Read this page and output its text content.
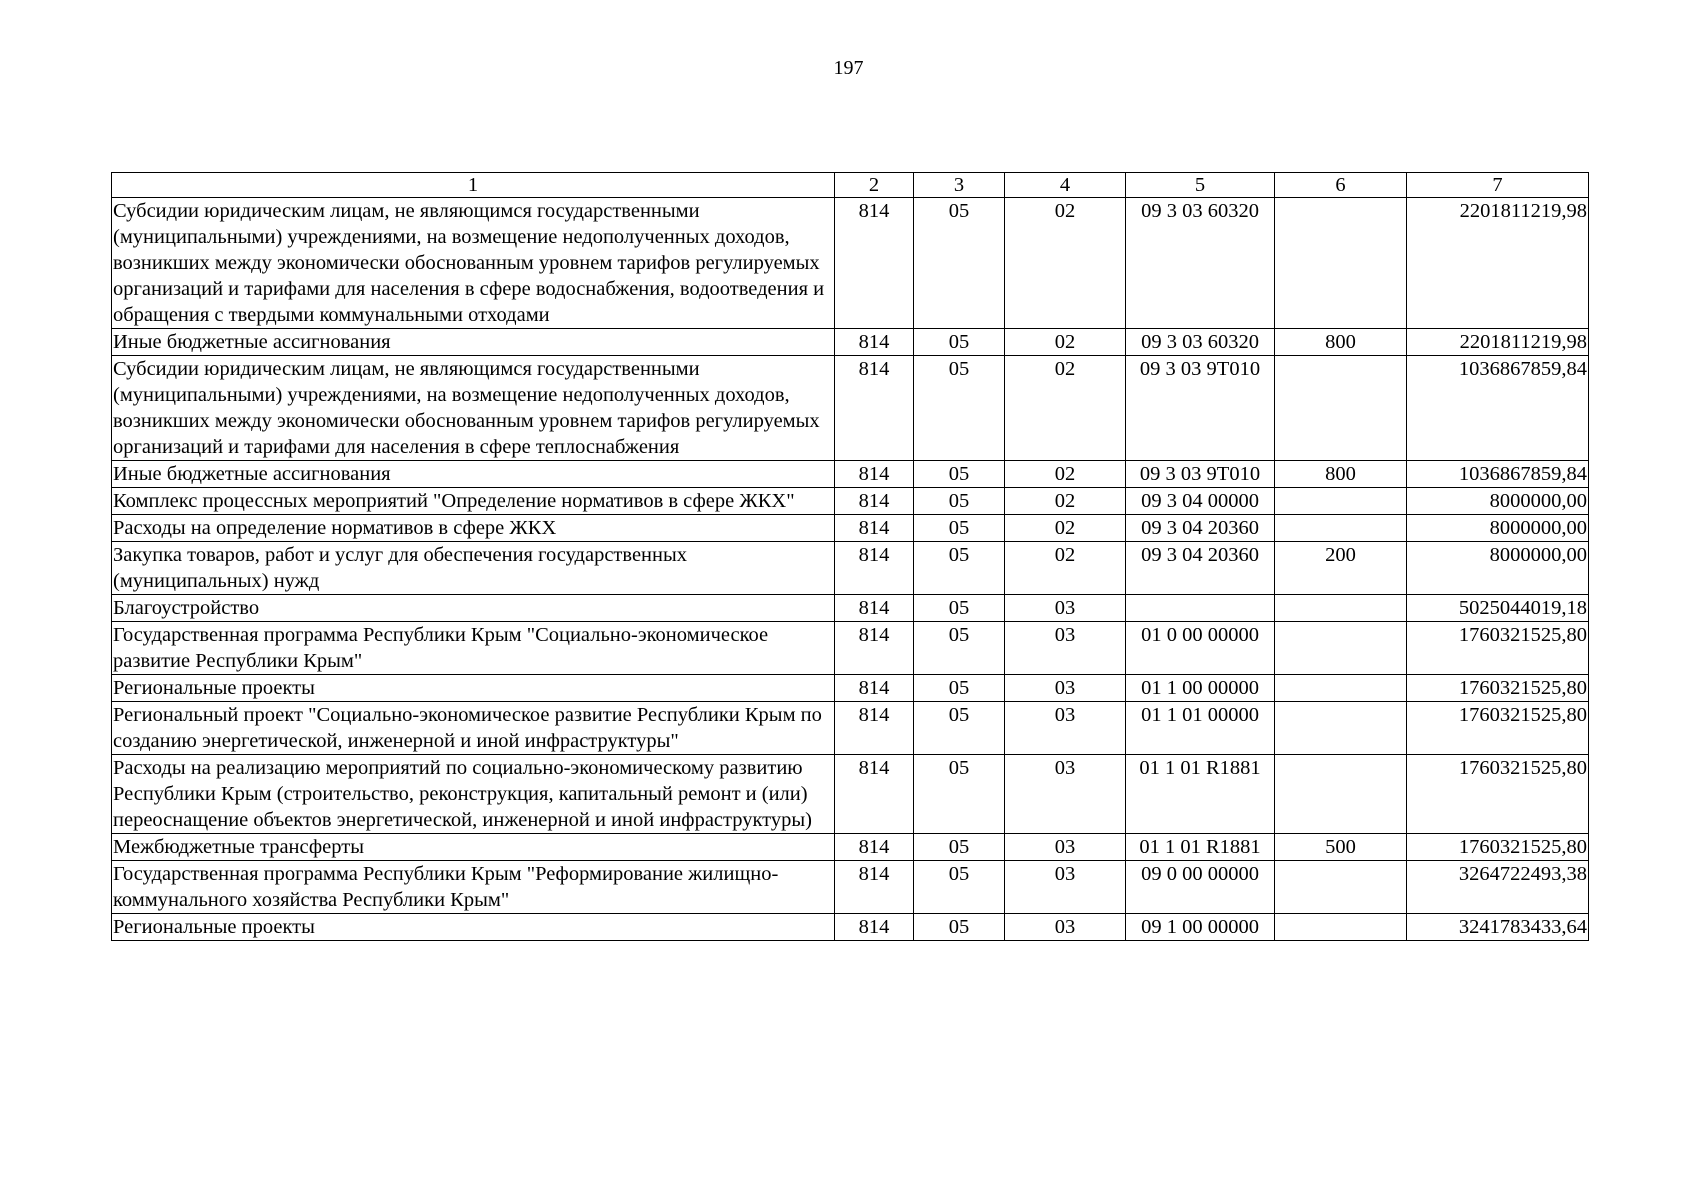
197
1	2	3	4	5	6	7
Субсидии юридическим лицам, не являющимся государственными (муниципальными) учреждениями, на возмещение недополученных доходов, возникших между экономически обоснованным уровнем тарифов регулируемых организаций и тарифами для населения в сфере водоснабжения, водоотведения и обращения с твердыми коммунальными отходами	814	05	02	09 3 03 60320		2201811219,98
Иные бюджетные ассигнования	814	05	02	09 3 03 60320	800	2201811219,98
Субсидии юридическим лицам, не являющимся государственными (муниципальными) учреждениями, на возмещение недополученных доходов, возникших между экономически обоснованным уровнем тарифов регулируемых организаций и тарифами для населения в сфере теплоснабжения	814	05	02	09 3 03 9Т010		1036867859,84
Иные бюджетные ассигнования	814	05	02	09 3 03 9Т010	800	1036867859,84
Комплекс процессных мероприятий "Определение нормативов в сфере ЖКХ"	814	05	02	09 3 04 00000		8000000,00
Расходы на определение нормативов в сфере ЖКХ	814	05	02	09 3 04 20360		8000000,00
Закупка товаров, работ и услуг для обеспечения государственных (муниципальных) нужд	814	05	02	09 3 04 20360	200	8000000,00
Благоустройство	814	05	03			5025044019,18
Государственная программа Республики Крым "Социально-экономическое развитие Республики Крым"	814	05	03	01 0 00 00000		1760321525,80
Региональные проекты	814	05	03	01 1 00 00000		1760321525,80
Региональный проект "Социально-экономическое развитие Республики Крым по созданию энергетической, инженерной и иной инфраструктуры"	814	05	03	01 1 01 00000		1760321525,80
Расходы на реализацию мероприятий по социально-экономическому развитию Республики Крым (строительство, реконструкция, капитальный ремонт и (или) переоснащение объектов энергетической, инженерной и иной инфраструктуры)	814	05	03	01 1 01 R1881		1760321525,80
Межбюджетные трансферты	814	05	03	01 1 01 R1881	500	1760321525,80
Государственная программа Республики Крым "Реформирование жилищно-коммунального хозяйства Республики Крым"	814	05	03	09 0 00 00000		3264722493,38
Региональные проекты	814	05	03	09 1 00 00000		3241783433,64
